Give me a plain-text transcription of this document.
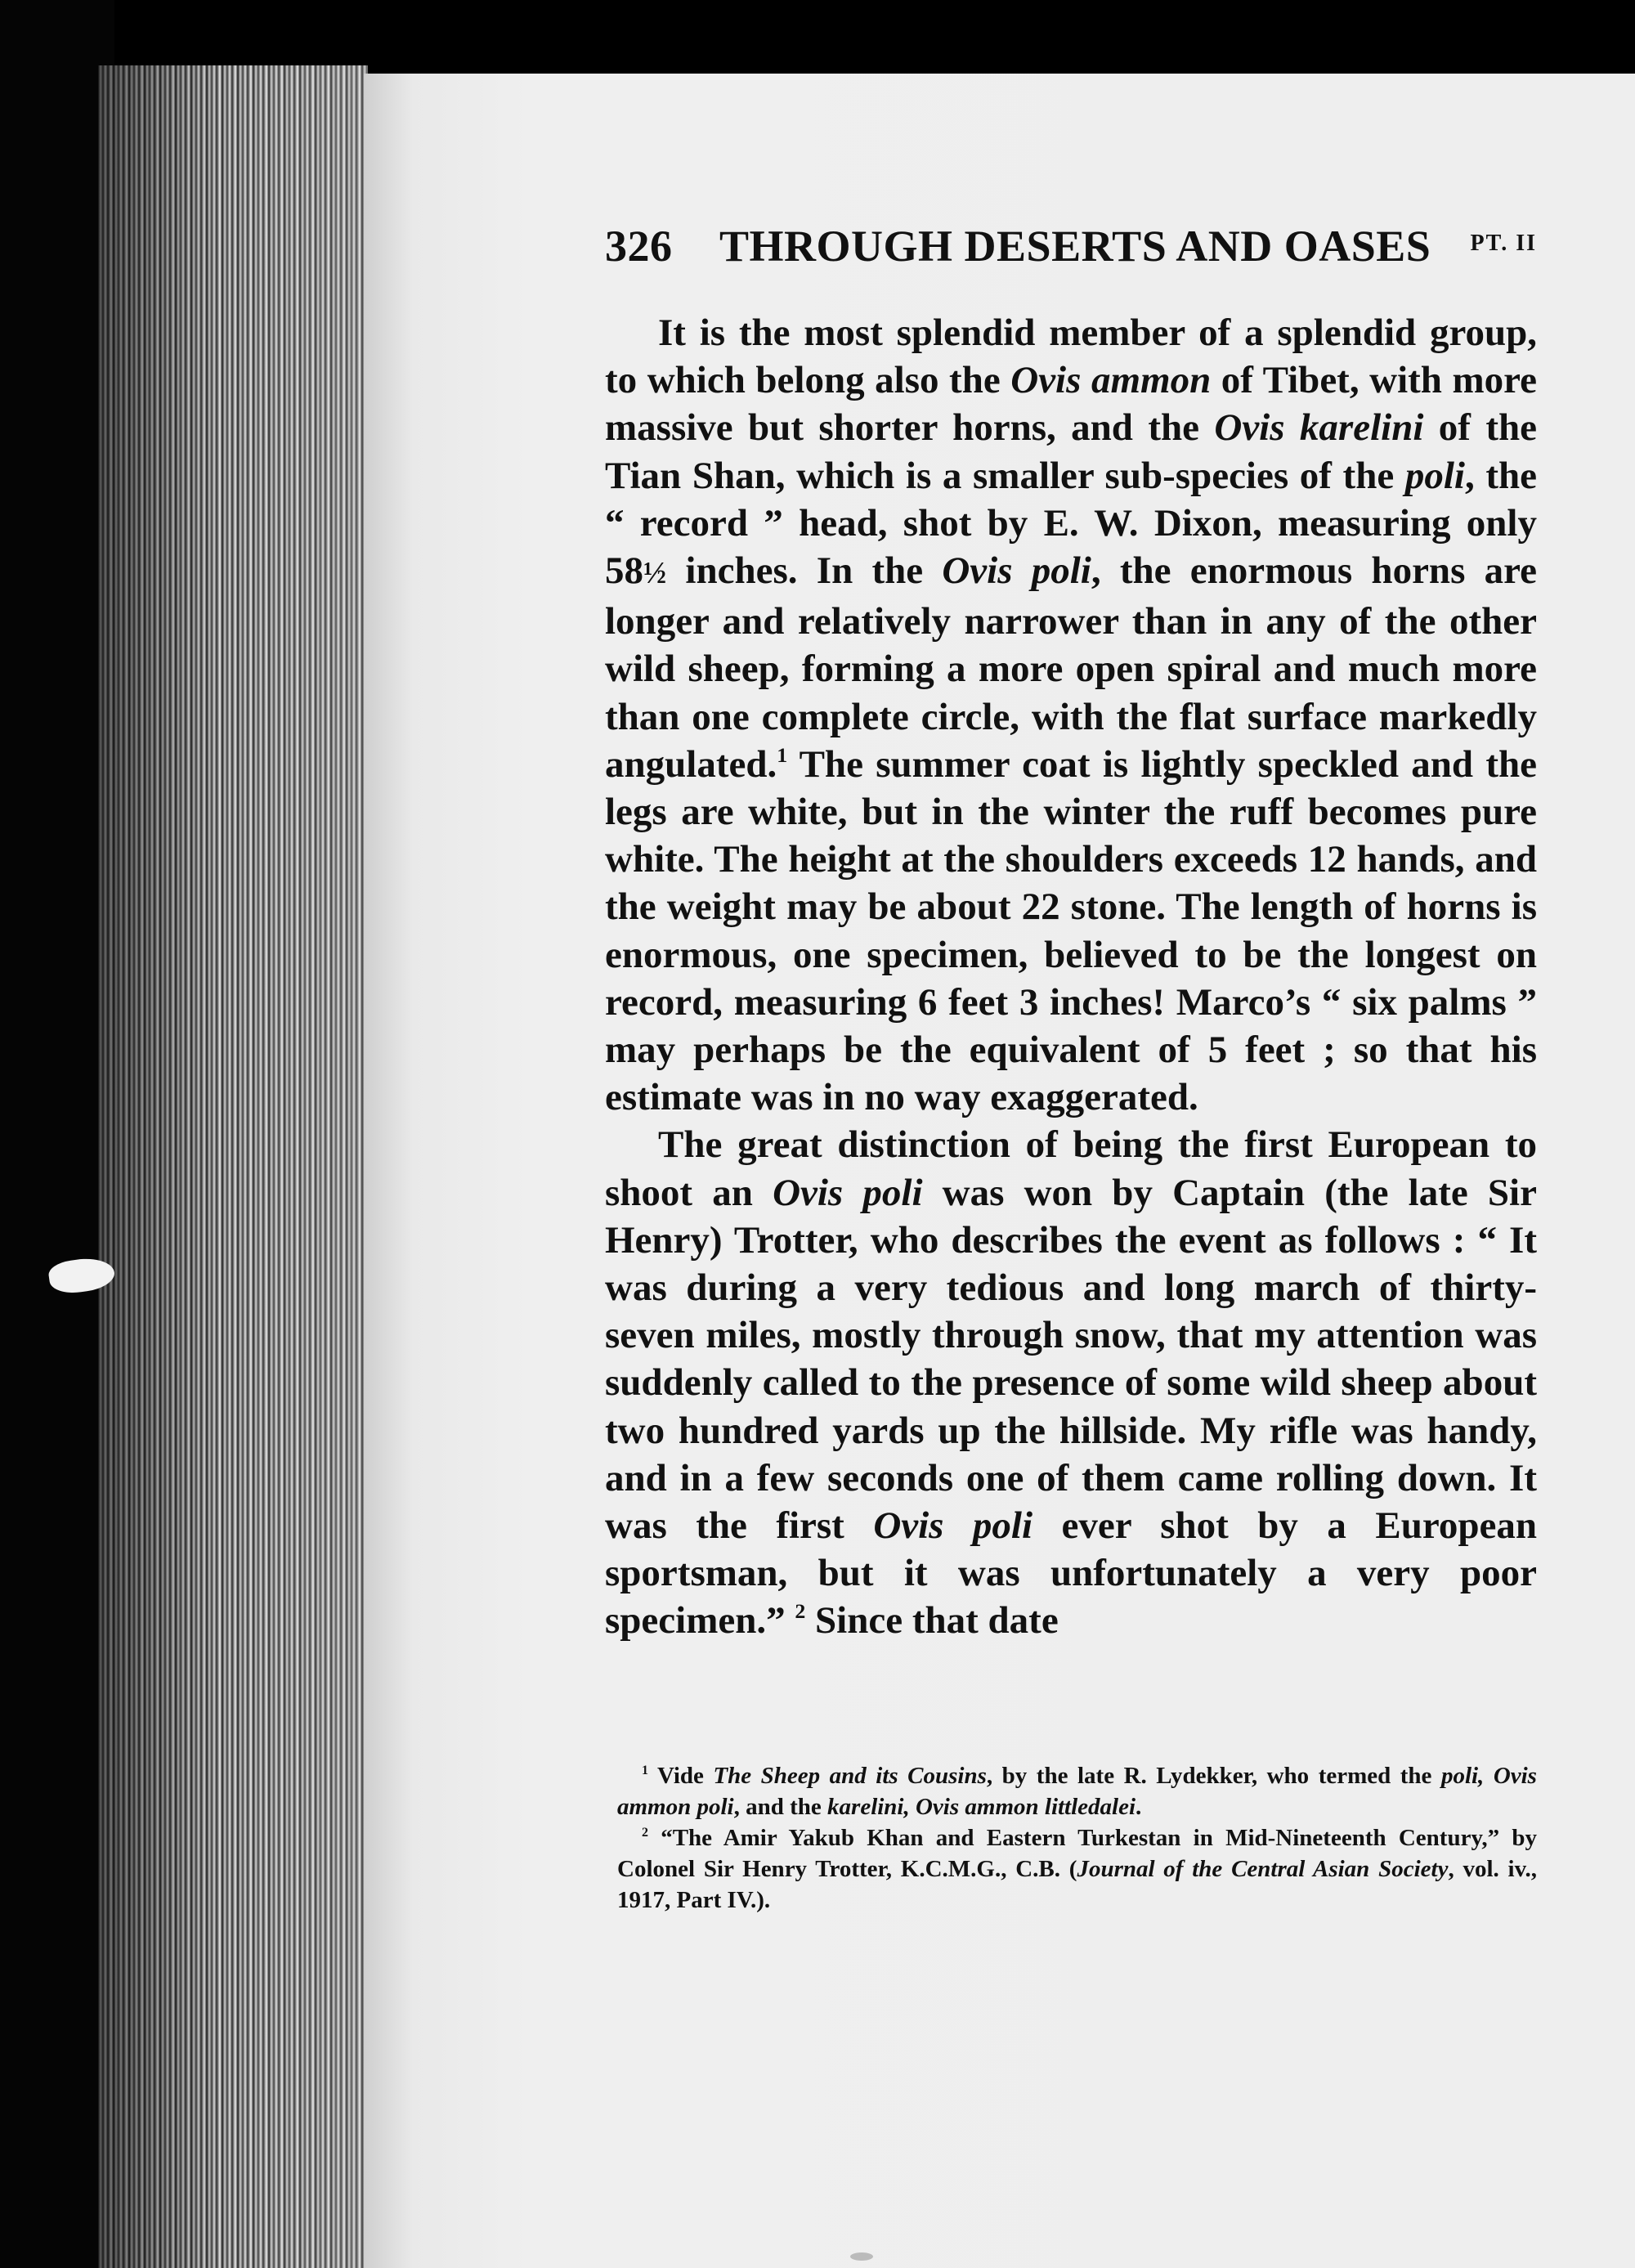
326 THROUGH DESERTS AND OASES PT. II

It is the most splendid member of a splendid group, to which belong also the Ovis ammon of Tibet, with more massive but shorter horns, and the Ovis karelini of the Tian Shan, which is a smaller sub-species of the poli, the “ record ” head, shot by E. W. Dixon, measuring only 58½ inches. In the Ovis poli, the enormous horns are longer and relatively narrower than in any of the other wild sheep, forming a more open spiral and much more than one complete circle, with the flat surface markedly angulated.$^1$ The summer coat is lightly speckled and the legs are white, but in the winter the ruff becomes pure white. The height at the shoulders exceeds 12 hands, and the weight may be about 22 stone. The length of horns is enormous, one specimen, believed to be the longest on record, measuring 6 feet 3 inches! Marco’s “ six palms ” may perhaps be the equivalent of 5 feet ; so that his estimate was in no way exaggerated.

The great distinction of being the first European to shoot an Ovis poli was won by Captain (the late Sir Henry) Trotter, who describes the event as follows : “ It was during a very tedious and long march of thirty-seven miles, mostly through snow, that my attention was suddenly called to the presence of some wild sheep about two hundred yards up the hillside. My rifle was handy, and in a few seconds one of them came rolling down. It was the first Ovis poli ever shot by a European sportsman, but it was unfortunately a very poor specimen.” $^2$ Since that date

$^1$ Vide The Sheep and its Cousins, by the late R. Lydekker, who termed the poli, Ovis ammon poli, and the karelini, Ovis ammon littledalei.

$^2$ “The Amir Yakub Khan and Eastern Turkestan in Mid-Nineteenth Century,” by Colonel Sir Henry Trotter, K.C.M.G., C.B. (Journal of the Central Asian Society, vol. iv., 1917, Part IV.).
